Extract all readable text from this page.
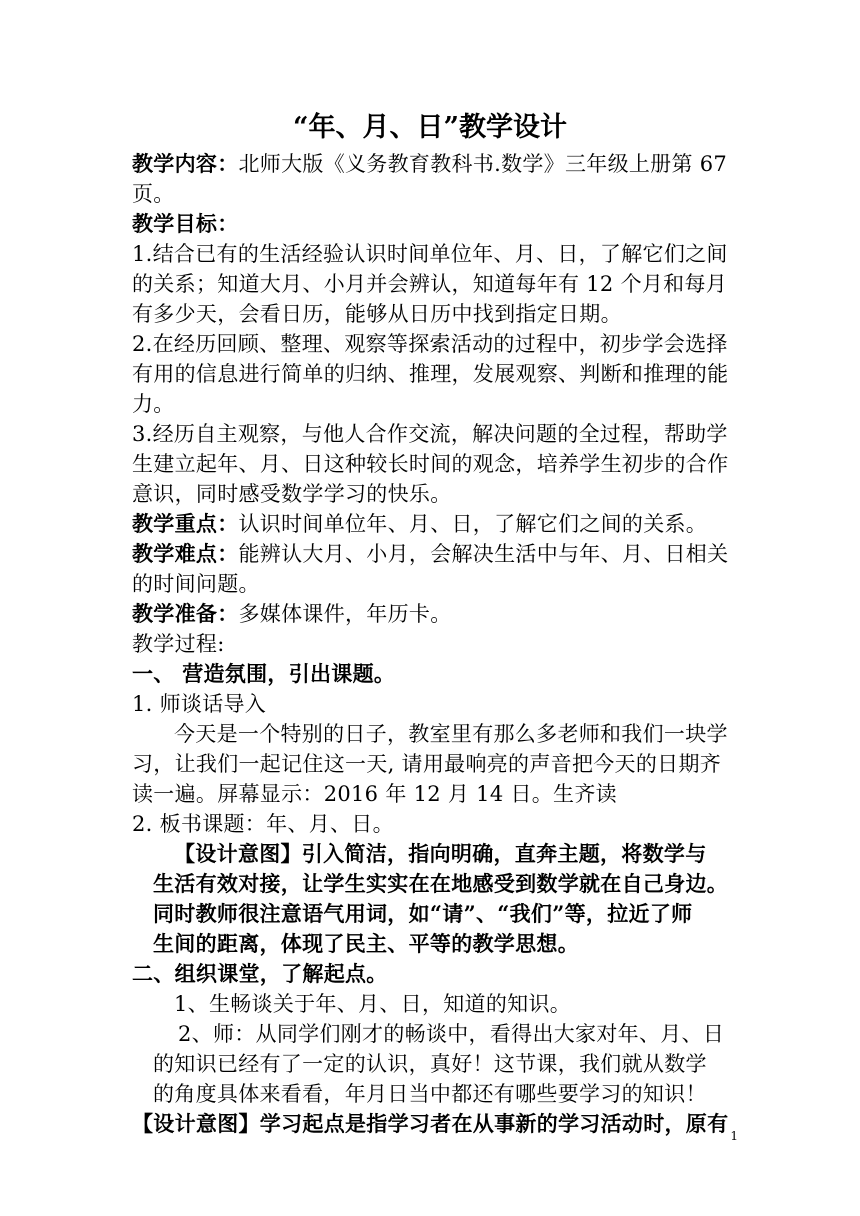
“年、月、日”教学设计
教学内容：北师大版《义务教育教科书.数学》三年级上册第 67
页。
教学目标：
1.结合已有的生活经验认识时间单位年、月、日，了解它们之间
的关系；知道大月、小月并会辨认，知道每年有 12 个月和每月
有多少天，会看日历，能够从日历中找到指定日期。
2.在经历回顾、整理、观察等探索活动的过程中，初步学会选择
有用的信息进行简单的归纳、推理，发展观察、判断和推理的能
力。
3.经历自主观察，与他人合作交流，解决问题的全过程，帮助学
生建立起年、月、日这种较长时间的观念，培养学生初步的合作
意识，同时感受数学学习的快乐。
教学重点：认识时间单位年、月、日，了解它们之间的关系。
教学难点：能辨认大月、小月，会解决生活中与年、月、日相关
的时间问题。
教学准备：多媒体课件，年历卡。
教学过程:
一、 营造氛围，引出课题。
1. 师谈话导入
今天是一个特别的日子，教室里有那么多老师和我们一块学
习，让我们一起记住这一天, 请用最响亮的声音把今天的日期齐
读一遍。屏幕显示：2016 年 12 月 14 日。生齐读
2. 板书课题：年、月、日。
【设计意图】引入简洁，指向明确，直奔主题，将数学与
生活有效对接，让学生实实在在地感受到数学就在自己身边。
同时教师很注意语气用词，如“请”、“我们”等，拉近了师
生间的距离，体现了民主、平等的教学思想。
二、组织课堂，了解起点。
1、生畅谈关于年、月、日，知道的知识。
2、师：从同学们刚才的畅谈中，看得出大家对年、月、日
的知识已经有了一定的认识，真好！这节课，我们就从数学
的角度具体来看看，年月日当中都还有哪些要学习的知识！
【设计意图】学习起点是指学习者在从事新的学习活动时，原有 1
